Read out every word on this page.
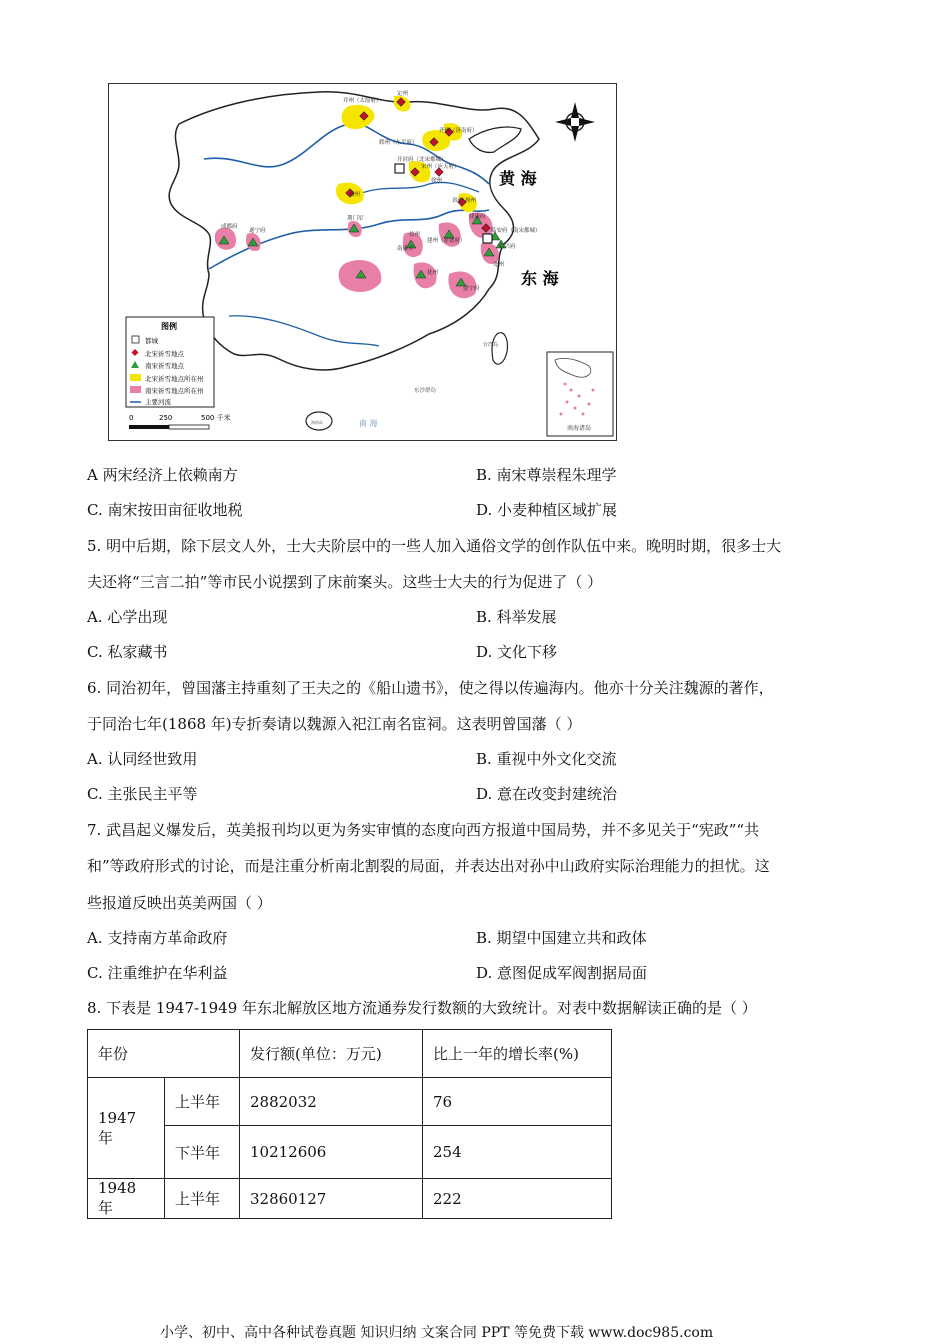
南海诸岛
图例
都城
北宋祈雪地点
南宋祈雪地点
北宋祈雪地点所在州
南宋祈雪地点所在州
主要河流
0	250	500 千米
黄 海
东 海
南 海
海南岛
东沙群岛
台湾岛
并州（太原府）
定州
郓州（东平府）
齐州（济南府）
开封府（北宋都城）
宋州（应天府）
徐州
邓州
真州 扬州
荆门军
成都府
遂宁府
建康府
临安府（南宋都城）
绍兴府
信州
南康军
建州（建德府）
抚州
建宁府
处州
A 两宋经济上依赖南方	B. 南宋尊崇程朱理学
C. 南宋按田亩征收地税	D. 小麦种植区域扩展
5. 明中后期，除下层文人外，士大夫阶层中的一些人加入通俗文学的创作队伍中来。晚明时期，很多士大
夫还将“三言二拍”等市民小说摆到了床前案头。这些士大夫的行为促进了（ ）
A. 心学出现	B. 科举发展
C. 私家藏书	D. 文化下移
6. 同治初年，曾国藩主持重刻了王夫之的《船山遗书》，使之得以传遍海内。他亦十分关注魏源的著作，
于同治七年(1868 年)专折奏请以魏源入祀江南名宦祠。这表明曾国藩（ ）
A. 认同经世致用	B. 重视中外文化交流
C. 主张民主平等	D. 意在改变封建统治
7. 武昌起义爆发后，英美报刊均以更为务实审慎的态度向西方报道中国局势，并不多见关于“宪政”“共
和”等政府形式的讨论，而是注重分析南北割裂的局面，并表达出对孙中山政府实际治理能力的担忧。这
些报道反映出英美两国（ ）
A. 支持南方革命政府	B. 期望中国建立共和政体
C. 注重维护在华利益	D. 意图促成军阀割据局面
8. 下表是 1947-1949 年东北解放区地方流通券发行数额的大致统计。对表中数据解读正确的是（ ）
年份		发行额(单位：万元)	比上一年的增长率(%)
1947 年	上半年	2882032	76
	下半年	10212606	254
1948 年	上半年	32860127	222
小学、初中、高中各种试卷真题 知识归纳 文案合同 PPT 等免费下载 www.doc985.com
